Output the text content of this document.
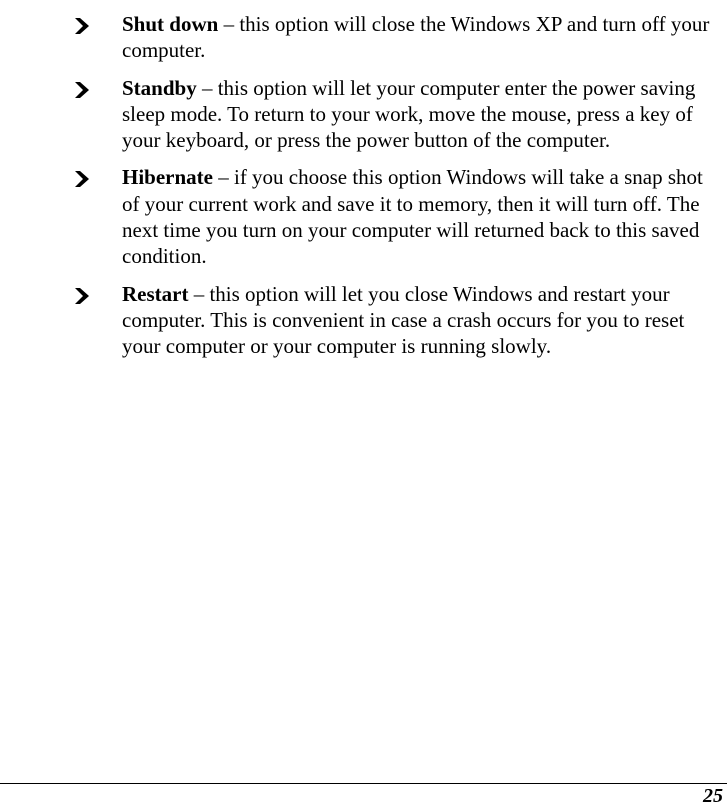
Shut down – this option will close the Windows XP and turn off your computer.
Standby – this option will let your computer enter the power saving sleep mode. To return to your work, move the mouse, press a key of your keyboard, or press the power button of the computer.
Hibernate – if you choose this option Windows will take a snap shot of your current work and save it to memory, then it will turn off. The next time you turn on your computer will returned back to this saved condition.
Restart – this option will let you close Windows and restart your computer. This is convenient in case a crash occurs for you to reset your computer or your computer is running slowly.
25
